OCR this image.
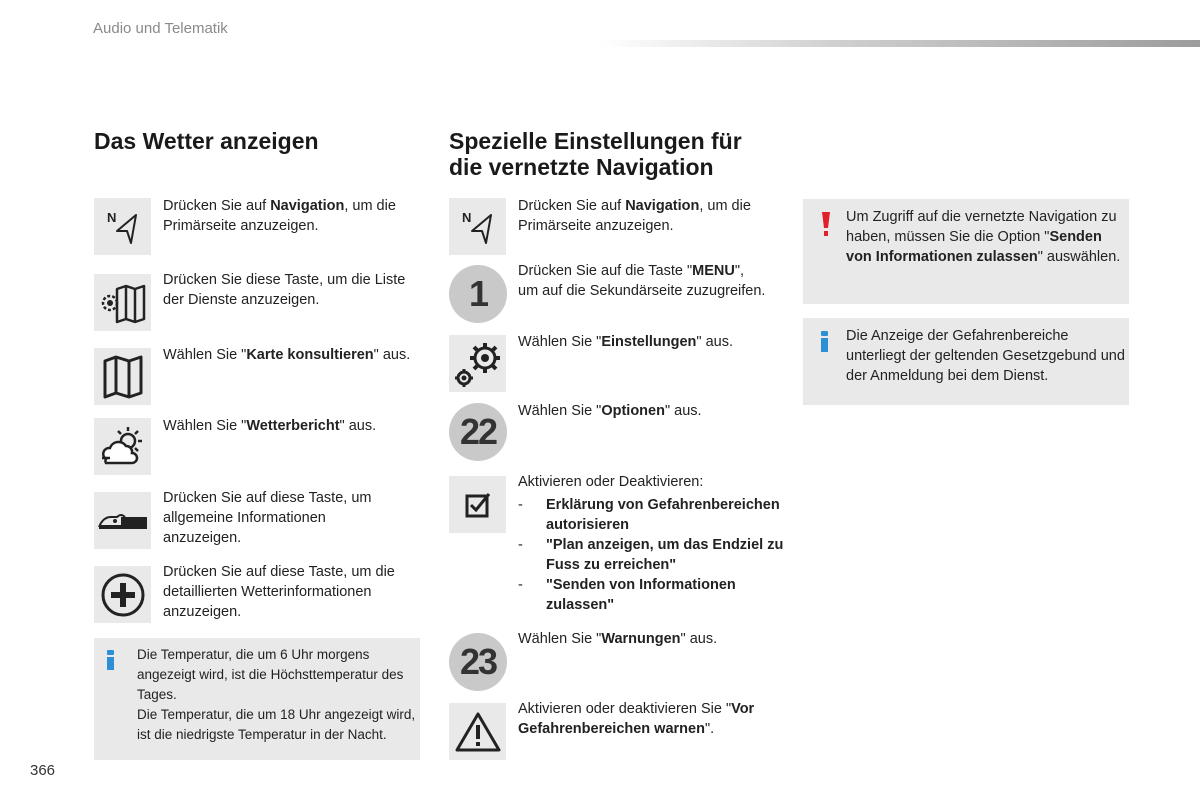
Audio und Telematik
Das Wetter anzeigen
N
Drücken Sie auf Navigation, um die Primärseite anzuzeigen.
Drücken Sie diese Taste, um die Liste der Dienste anzuzeigen.
Wählen Sie "Karte konsultieren" aus.
Wählen Sie "Wetterbericht" aus.
Drücken Sie auf diese Taste, um allgemeine Informationen anzuzeigen.
Drücken Sie auf diese Taste, um die detaillierten Wetterinformationen anzuzeigen.
Die Temperatur, die um 6 Uhr morgens angezeigt wird, ist die Höchsttemperatur des Tages.
Die Temperatur, die um 18 Uhr angezeigt wird, ist die niedrigste Temperatur in der Nacht.
Spezielle Einstellungen für
die vernetzte Navigation
N
Drücken Sie auf Navigation, um die Primärseite anzuzeigen.
1
Drücken Sie auf die Taste "MENU", um auf die Sekundärseite zuzugreifen.
Wählen Sie "Einstellungen" aus.
22	Wählen Sie "Optionen" aus.
Aktivieren oder Deaktivieren:
- Erklärung von Gefahrenbereichen autorisieren
- "Plan anzeigen, um das Endziel zu Fuss zu erreichen"
- "Senden von Informationen zulassen"
23
Wählen Sie "Warnungen" aus.
Aktivieren oder deaktivieren Sie "Vor Gefahrenbereichen warnen".
Um Zugriff auf die vernetzte Navigation zu haben, müssen Sie die Option "Senden von Informationen zulassen" auswählen.
Die Anzeige der Gefahrenbereiche unterliegt der geltenden Gesetzgebund und der Anmeldung bei dem Dienst.
366
